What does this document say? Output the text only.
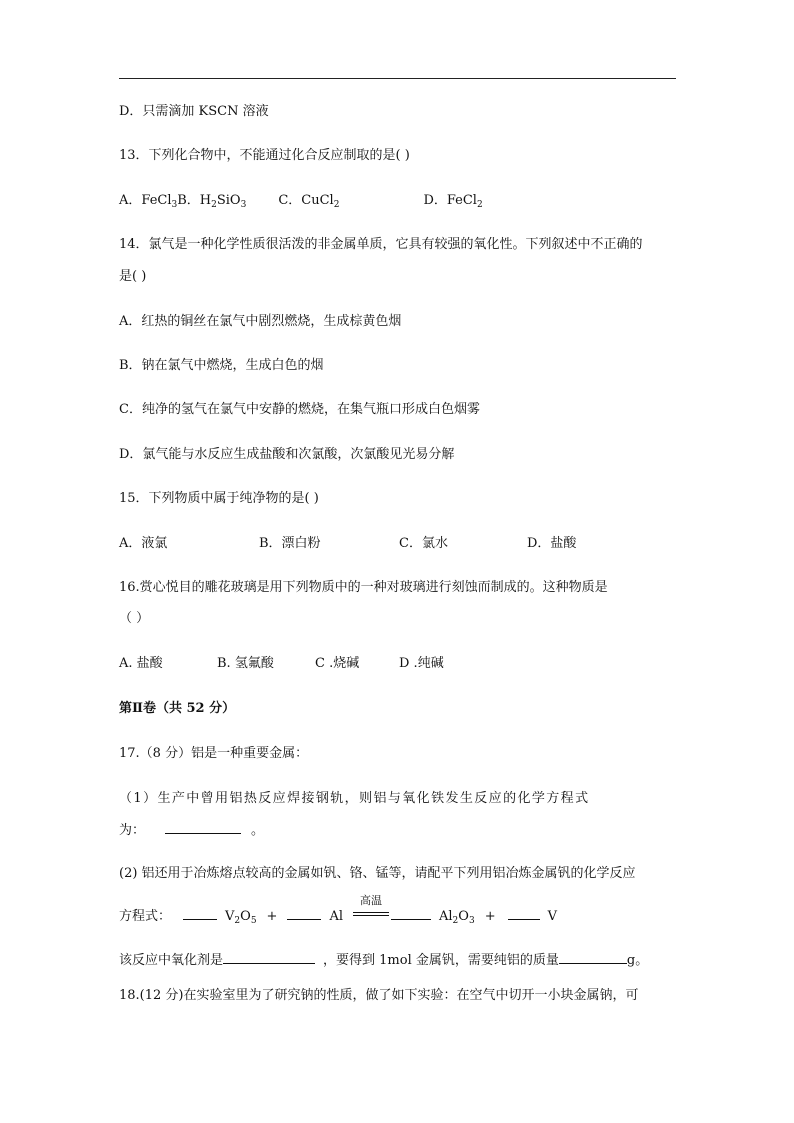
D．只需滴加 KSCN 溶液
13．下列化合物中，不能通过化合反应制取的是( )
A．FeCl$_3$B．$H_2SiO_3$ C．CuCl$_2$	D．FeCl$_2$
14．氯气是一种化学性质很活泼的非金属单质，它具有较强的氧化性。下列叙述中不正确的
是( )
A．红热的铜丝在氯气中剧烈燃烧，生成棕黄色烟
B．钠在氯气中燃烧，生成白色的烟
C．纯净的氢气在氯气中安静的燃烧，在集气瓶口形成白色烟雾
D．氯气能与水反应生成盐酸和次氯酸，次氯酸见光易分解
15．下列物质中属于纯净物的是( )
A．液氯	B．漂白粉	C．氯水	D．盐酸
16.赏心悦目的雕花玻璃是用下列物质中的一种对玻璃进行刻蚀而制成的。这种物质是
（ ）
A. 盐酸	B. 氢氟酸	C .烧碱	D .纯碱
第Ⅱ卷（共 52 分）
17.（8 分）铝是一种重要金属：
（1）生产中曾用铝热反应焊接钢轨，则铝与氧化铁发生反应的化学方程式
为：	。
(2) 铝还用于冶炼熔点较高的金属如钒、铬、锰等，请配平下列用铝冶炼金属钒的化学反应
方程式：	$V_2O_5$ +	Al
高温
$Al_2O_3$ +	V
该反应中氧化剂是	，要得到 1mol 金属钒，需要纯铝的质量	g。
18.(12 分)在实验室里为了研究钠的性质，做了如下实验：在空气中切开一小块金属钠，可
